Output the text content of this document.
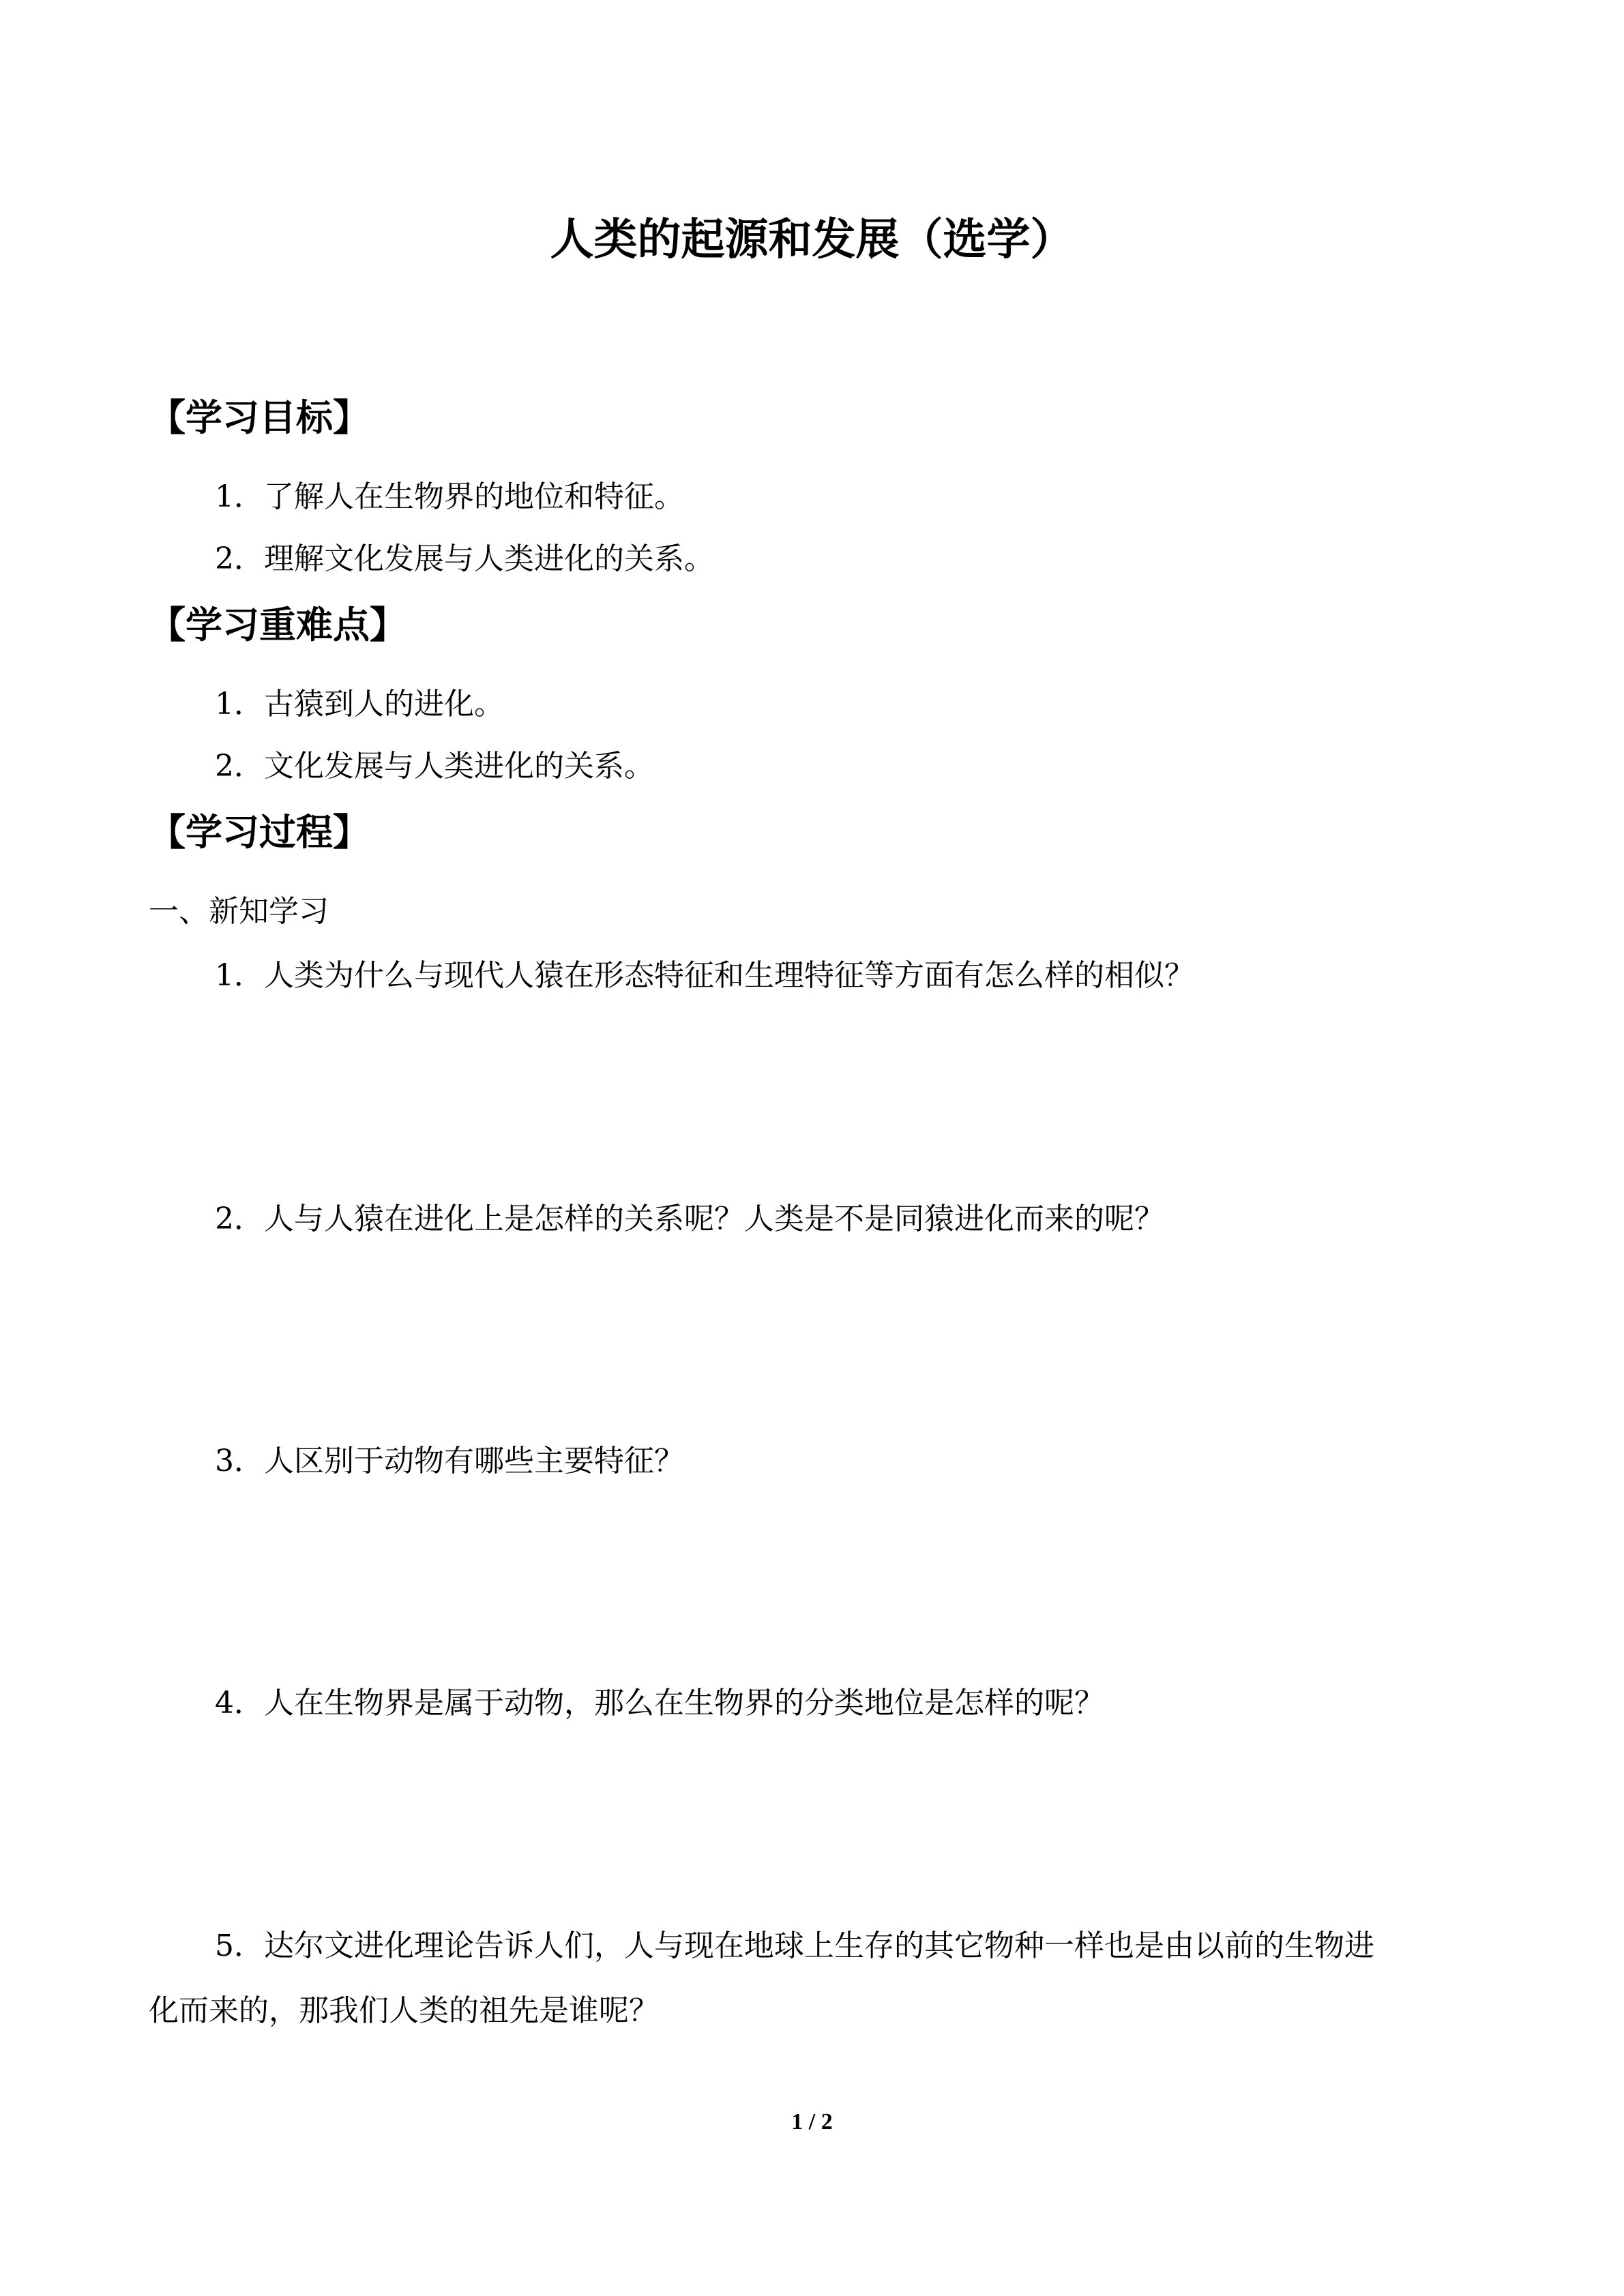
人类的起源和发展（选学）
【学习目标】
1．了解人在生物界的地位和特征。
2．理解文化发展与人类进化的关系。
【学习重难点】
1．古猿到人的进化。
2．文化发展与人类进化的关系。
【学习过程】
一、新知学习
1．人类为什么与现代人猿在形态特征和生理特征等方面有怎么样的相似？
2．人与人猿在进化上是怎样的关系呢？人类是不是同猿进化而来的呢？
3．人区别于动物有哪些主要特征？
4．人在生物界是属于动物，那么在生物界的分类地位是怎样的呢？
5．达尔文进化理论告诉人们，人与现在地球上生存的其它物种一样也是由以前的生物进
化而来的，那我们人类的祖先是谁呢？
1 / 2
